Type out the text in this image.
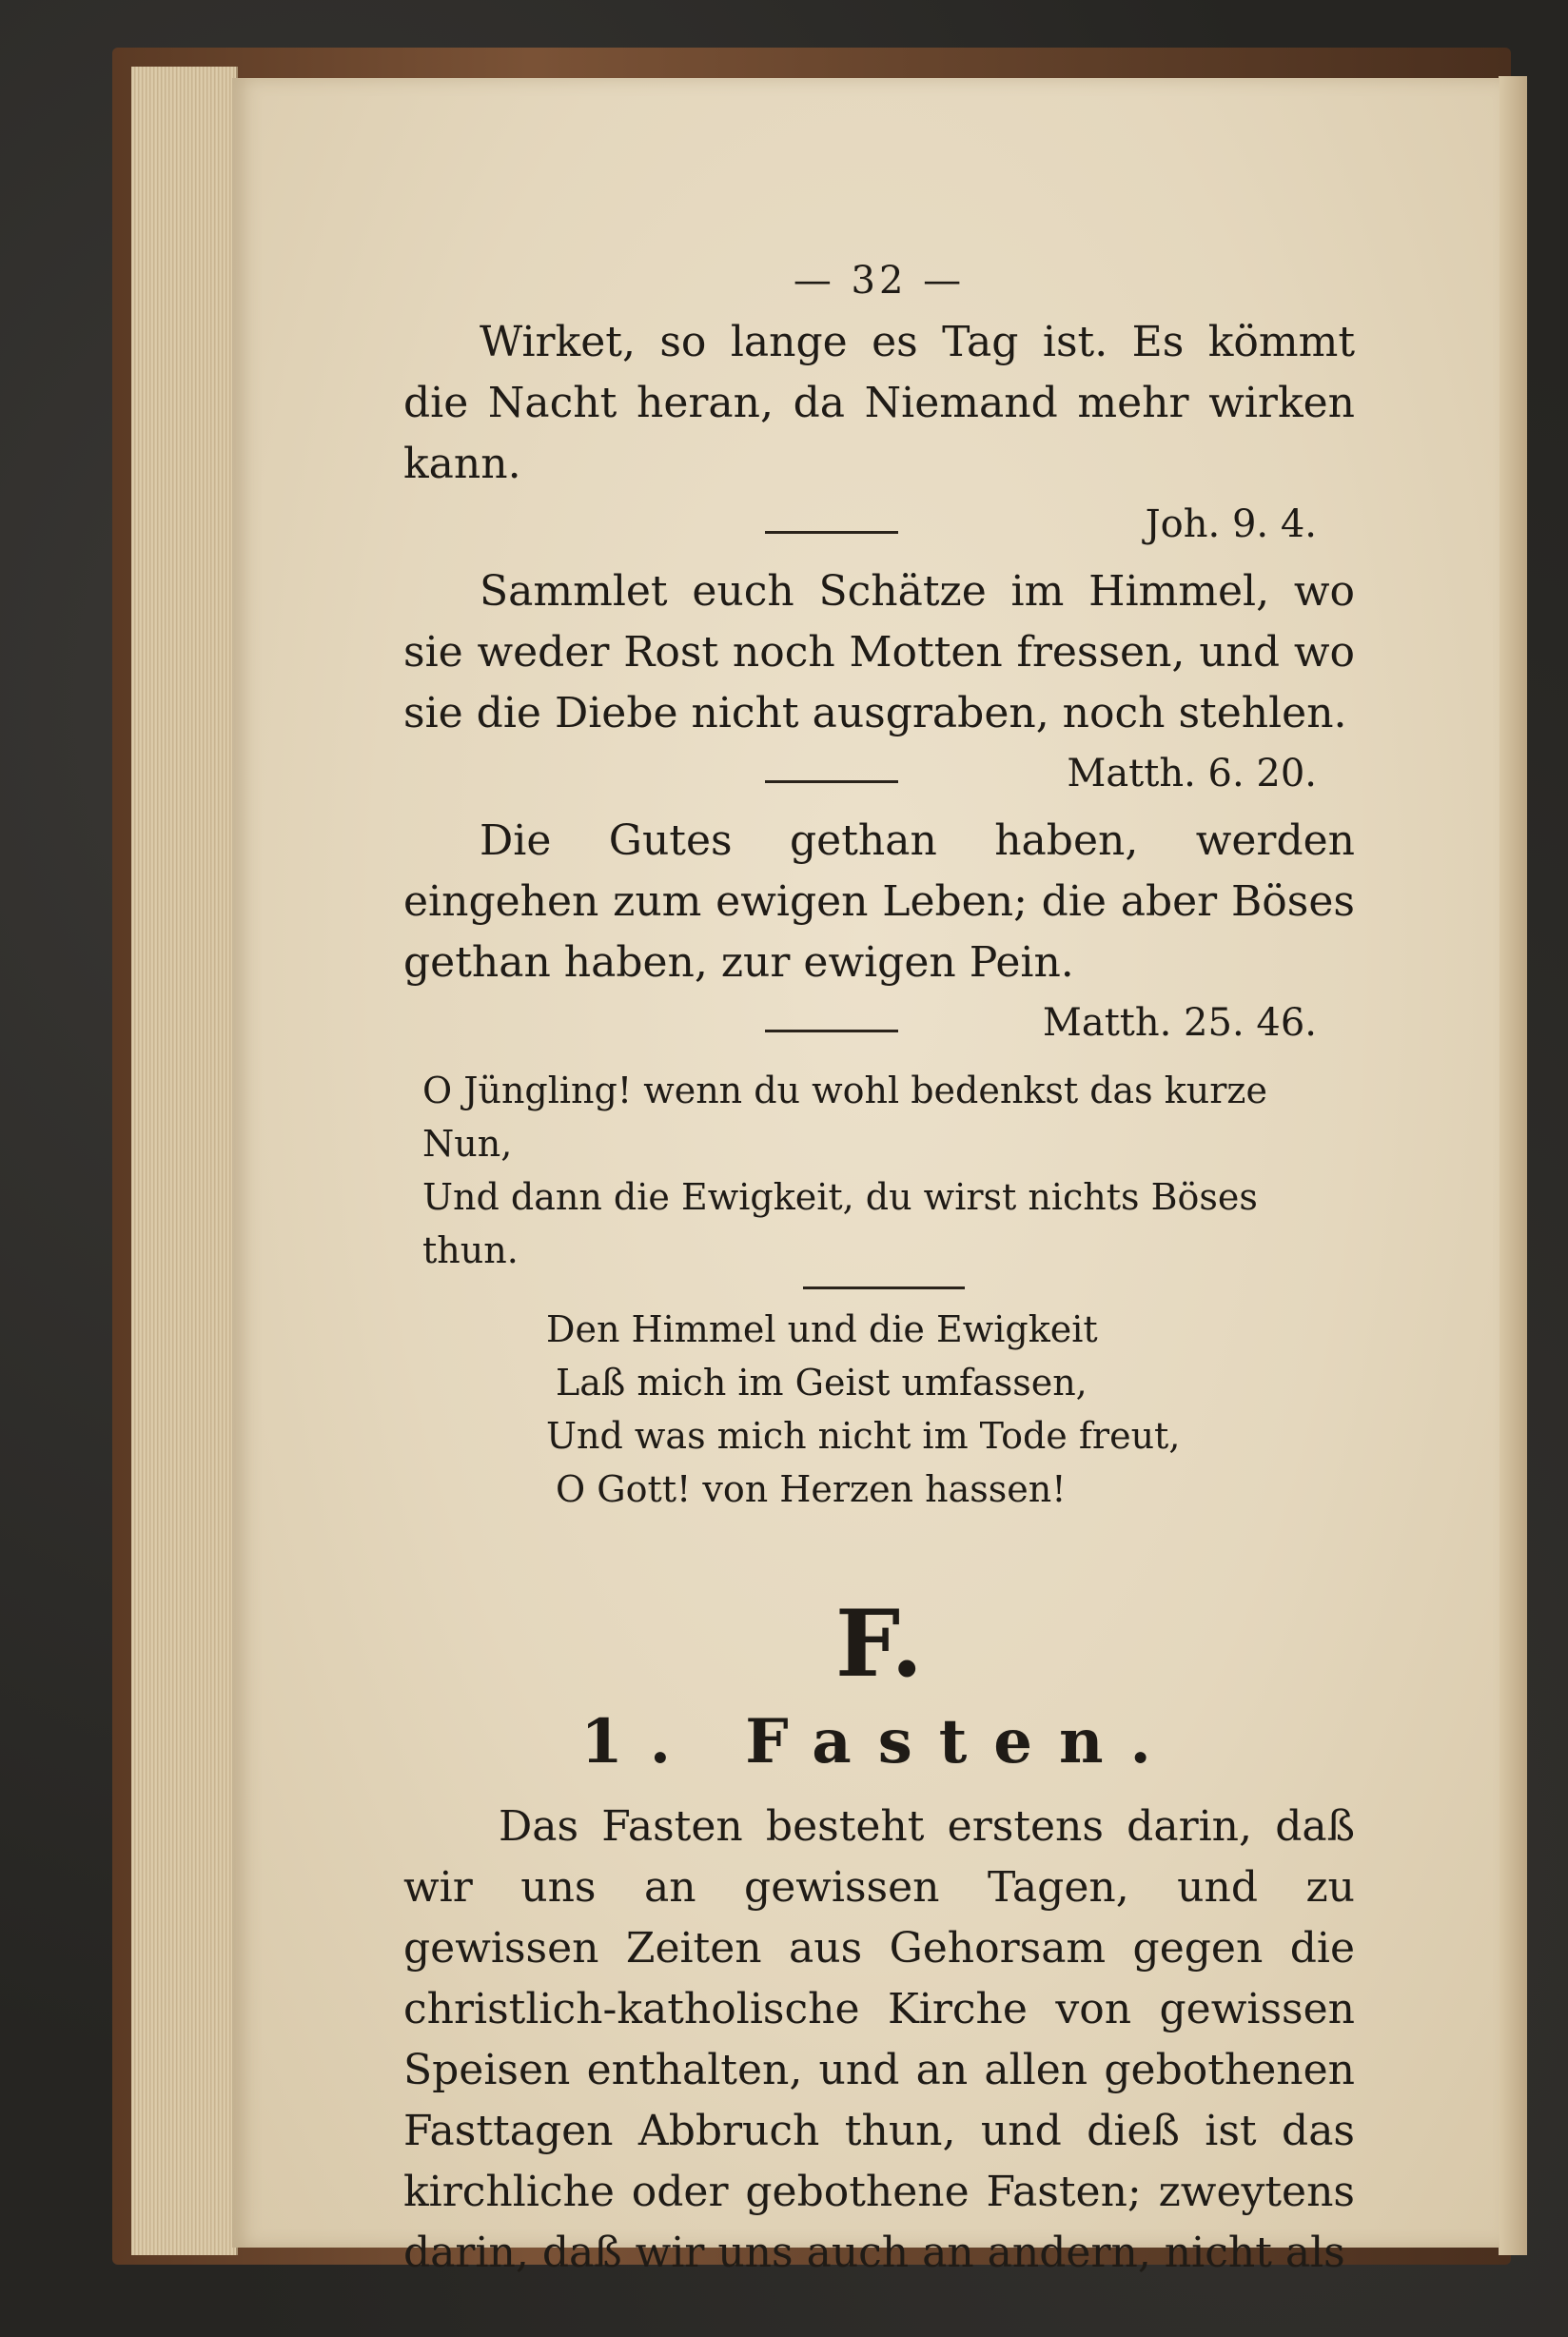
— 32 —

Wirket, so lange es Tag ist. Es kömmt die Nacht heran, da Niemand mehr wirken kann.

Joh. 9. 4.

Sammlet euch Schätze im Himmel, wo sie weder Rost noch Motten fressen, und wo sie die Diebe nicht ausgraben, noch stehlen.

Matth. 6. 20.

Die Gutes gethan haben, werden eingehen zum ewigen Leben; die aber Böses gethan haben, zur ewigen Pein.

Matth. 25. 46.
O Jüngling! wenn du wohl bedenkst das kurze Nun,
Und dann die Ewigkeit, du wirst nichts Böses thun.
Den Himmel und die Ewigkeit
Laß mich im Geist umfassen,
Und was mich nicht im Tode freut,
O Gott! von Herzen hassen!
F.
1. Fasten.

Das Fasten besteht erstens darin, daß wir uns an gewissen Tagen, und zu gewissen Zeiten aus Gehorsam gegen die christlich-katholische Kirche von gewissen Speisen enthalten, und an allen gebothenen Fasttagen Abbruch thun, und dieß ist das kirchliche oder gebothene Fasten; zweytens darin, daß wir uns auch an andern, nicht als
